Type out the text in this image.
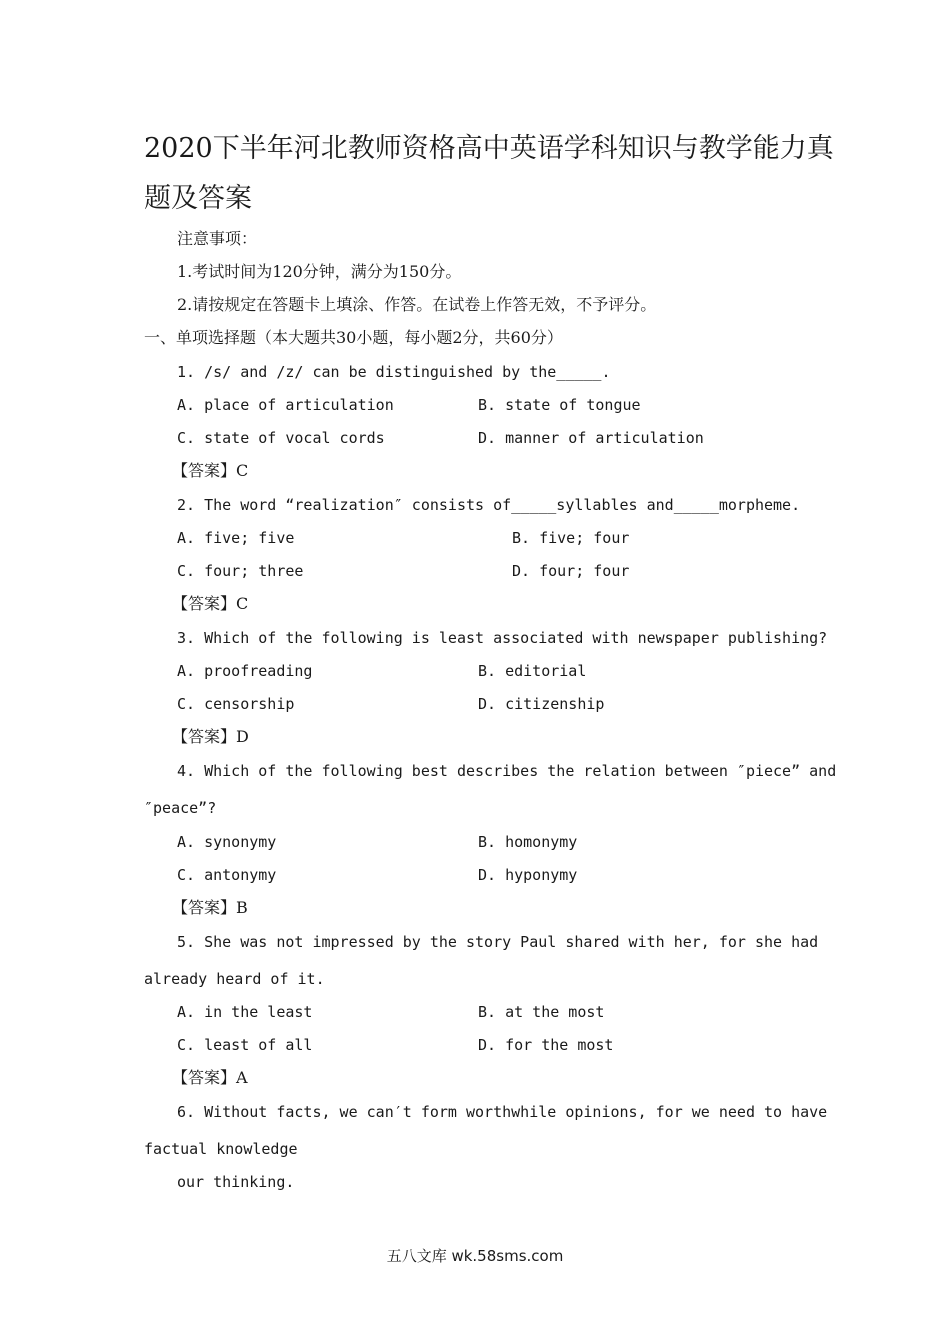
2020下半年河北教师资格高中英语学科知识与教学能力真
题及答案
注意事项：
1.考试时间为120分钟，满分为150分。
2.请按规定在答题卡上填涂、作答。在试卷上作答无效，不予评分。
一、单项选择题（本大题共30小题，每小题2分，共60分）
1. /s/ and /z/ can be distinguished by the_____.
A. place of articulation	B. state of tongue
C. state of vocal cords	D. manner of articulation
【答案】C
2. The word “realization″ consists of_____syllables and_____morpheme.
A. five; five	B. five; four
C. four; three	D. four; four
【答案】C
3. Which of the following is least associated with newspaper publishing?
A. proofreading	B. editorial
C. censorship	D. citizenship
【答案】D
4. Which of the following best describes the relation between ″piece” and
″peace”?
A. synonymy	B. homonymy
C. antonymy	D. hyponymy
【答案】B
5. She was not impressed by the story Paul shared with her, for she had
already heard of it.
A. in the least	B. at the most
C. least of all	D. for the most
【答案】A
6. Without facts, we can′t form worthwhile opinions, for we need to have
factual knowledge
our thinking.
五八文库 wk.58sms.com
